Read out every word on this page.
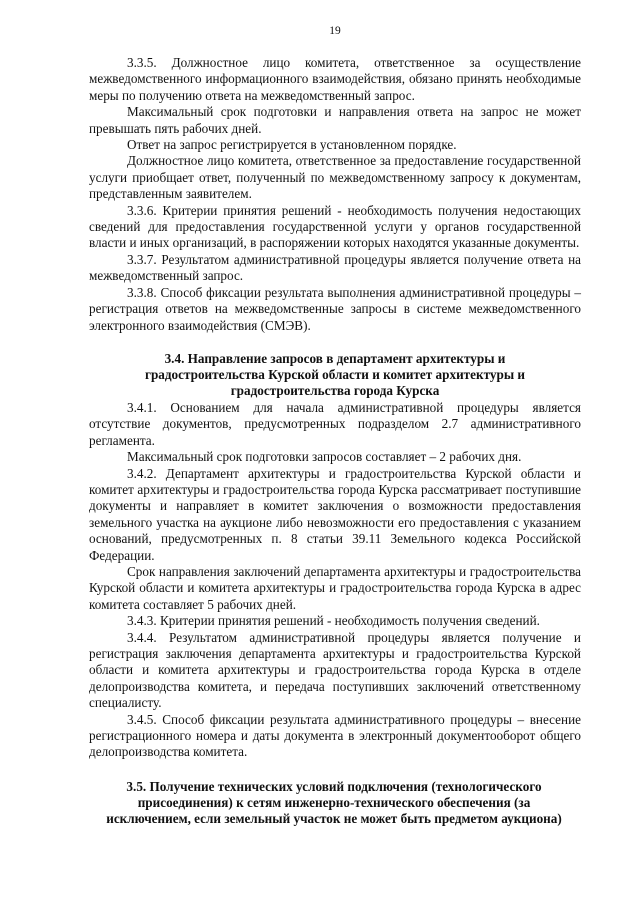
19

3.3.5. Должностное лицо комитета, ответственное за осуществление межведомственного информационного взаимодействия, обязано принять необходимые меры по получению ответа на межведомственный запрос.

Максимальный срок подготовки и направления ответа на запрос не может превышать пять рабочих дней.

Ответ на запрос регистрируется в установленном порядке.

Должностное лицо комитета, ответственное за предоставление государственной услуги приобщает ответ, полученный по межведомственному запросу к документам, представленным заявителем.

3.3.6. Критерии принятия решений - необходимость получения недостающих сведений для предоставления государственной услуги у органов государственной власти и иных организаций, в распоряжении которых находятся указанные документы.

3.3.7. Результатом административной процедуры является получение ответа на межведомственный запрос.

3.3.8. Способ фиксации результата выполнения административной процедуры – регистрация ответов на межведомственные запросы в системе межведомственного электронного взаимодействия (СМЭВ).

3.4. Направление запросов в департамент архитектуры и
градостроительства Курской области и комитет архитектуры и
градостроительства города Курска

3.4.1. Основанием для начала административной процедуры является отсутствие документов, предусмотренных подразделом 2.7 административного регламента.

Максимальный срок подготовки запросов составляет – 2 рабочих дня.

3.4.2. Департамент архитектуры и градостроительства Курской области и комитет архитектуры и градостроительства города Курска рассматривает поступившие документы и направляет в комитет заключения о возможности предоставления земельного участка на аукционе либо невозможности его предоставления с указанием оснований, предусмотренных п. 8 статьи 39.11 Земельного кодекса Российской Федерации.

Срок направления заключений департамента архитектуры и градостроительства Курской области и комитета архитектуры и градостроительства города Курска в адрес комитета составляет 5 рабочих дней.

3.4.3. Критерии принятия решений - необходимость получения сведений.

3.4.4. Результатом административной процедуры является получение и регистрация заключения департамента архитектуры и градостроительства Курской области и комитета архитектуры и градостроительства города Курска в отделе делопроизводства комитета, и передача поступивших заключений ответственному специалисту.

3.4.5. Способ фиксации результата административного процедуры – внесение регистрационного номера и даты документа в электронный документооборот общего делопроизводства комитета.

3.5. Получение технических условий подключения (технологического
присоединения) к сетям инженерно-технического обеспечения (за
исключением, если земельный участок не может быть предметом аукциона)
